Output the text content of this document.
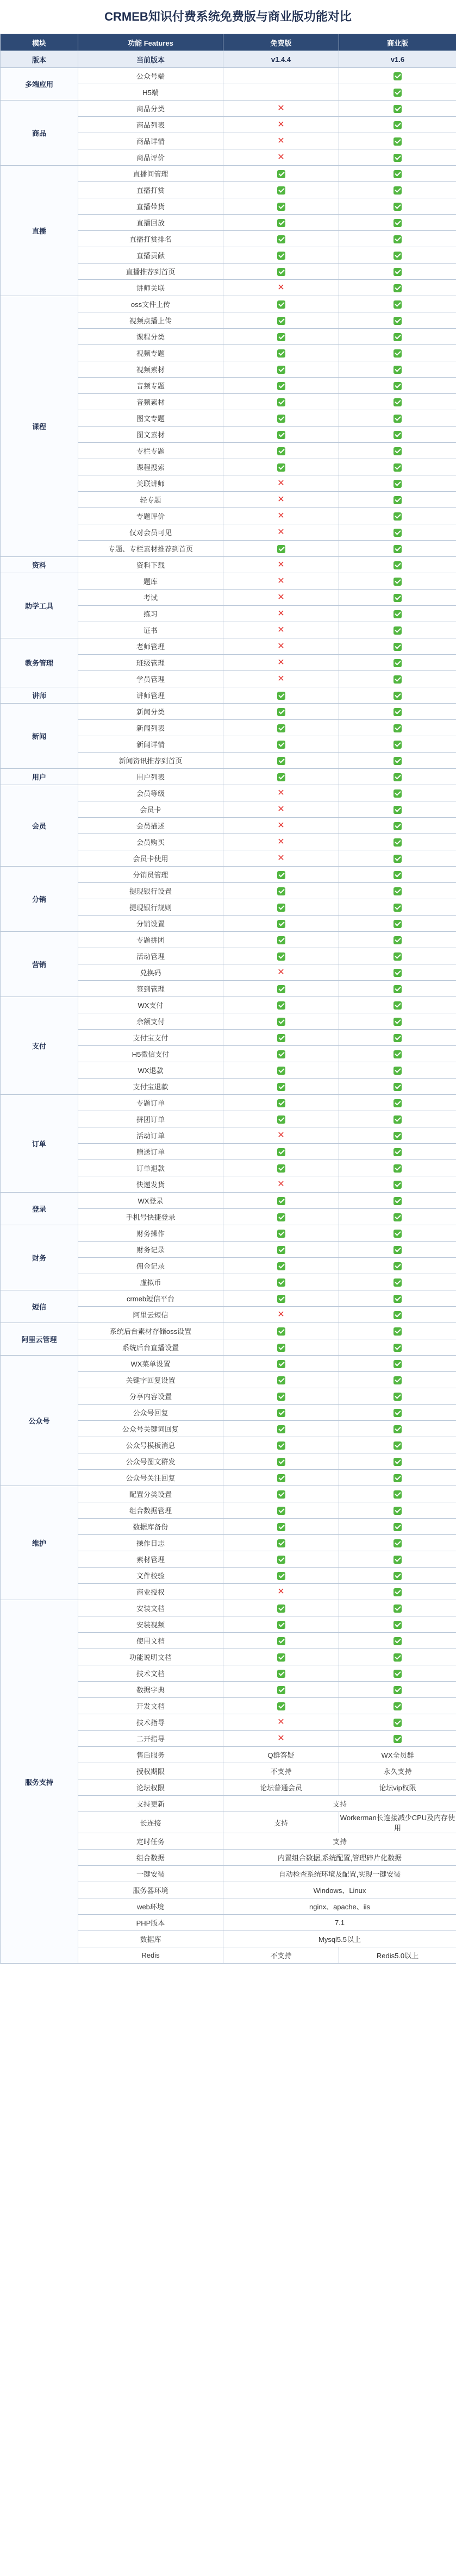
CRMEB知识付费系统免费版与商业版功能对比
模块	功能 Features	免费版	商业版
版本	当前版本	v1.4.4	v1.6
多端应用	公众号端		
	H5端		
商品	商品分类	✕	
	商品列表	✕	
	商品详情	✕	
	商品评价	✕	
直播	直播间管理		
	直播打赏		
	直播带货		
	直播回放		
	直播打赏排名		
	直播贡献		
	直播推荐到首页		
	讲师关联	✕	
课程	oss文件上传		
	视频点播上传		
	课程分类		
	视频专题		
	视频素材		
	音频专题		
	音频素材		
	图文专题		
	图文素材		
	专栏专题		
	课程搜索		
	关联讲师	✕	
	轻专题	✕	
	专题评价	✕	
	仅对会员可见	✕	
	专题、专栏素材推荐到首页		
资料	资料下载	✕	
助学工具	题库	✕	
	考试	✕	
	练习	✕	
	证书	✕	
教务管理	老师管理	✕	
	班级管理	✕	
	学员管理	✕	
讲师	讲师管理		
新闻	新闻分类		
	新闻列表		
	新闻详情		
	新闻资讯推荐到首页		
用户	用户列表		
会员	会员等级	✕	
	会员卡	✕	
	会员描述	✕	
	会员购买	✕	
	会员卡使用	✕	
分销	分销员管理		
	提现银行设置		
	提现银行规则		
	分销设置		
营销	专题拼团		
	活动管理		
	兑换码	✕	
	签到管理		
支付	WX支付		
	余额支付		
	支付宝支付		
	H5微信支付		
	WX退款		
	支付宝退款		
订单	专题订单		
	拼团订单		
	活动订单	✕	
	赠送订单		
	订单退款		
	快递发货	✕	
登录	WX登录		
	手机号快捷登录		
财务	财务操作		
	财务记录		
	佣金记录		
	虚拟币		
短信	crmeb短信平台		
	阿里云短信	✕	
阿里云管理	系统后台素材存储oss设置		
	系统后台直播设置		
公众号	WX菜单设置		
	关键字回复设置		
	分享内容设置		
	公众号回复		
	公众号关键词回复		
	公众号模板消息		
	公众号图文群发		
	公众号关注回复		
维护	配置分类设置		
	组合数据管理		
	数据库备份		
	操作日志		
	素材管理		
	文件校验		
	商业授权	✕	
服务支持	安装文档		
	安装视频		
	使用文档		
	功能说明文档		
	技术文档		
	数据字典		
	开发文档		
	技术指导	✕	
	二开指导	✕	
	售后服务	Q群答疑	WX全员群
	授权期限	不支持	永久支持
	论坛权限	论坛普通会员	论坛vip权限
	支持更新	支持	
	长连接	支持	Workerman长连接减少CPU及内存使用
	定时任务	支持	
	组合数据	内置组合数据,系统配置,管理碎片化数据	
	一键安装	自动检查系统环境及配置,实现一键安装	
	服务器环境	Windows、Linux	
	web环境	nginx、apache、iis	
	PHP版本	7.1	
	数据库	Mysql5.5以上	
	Redis	不支持	Redis5.0以上
